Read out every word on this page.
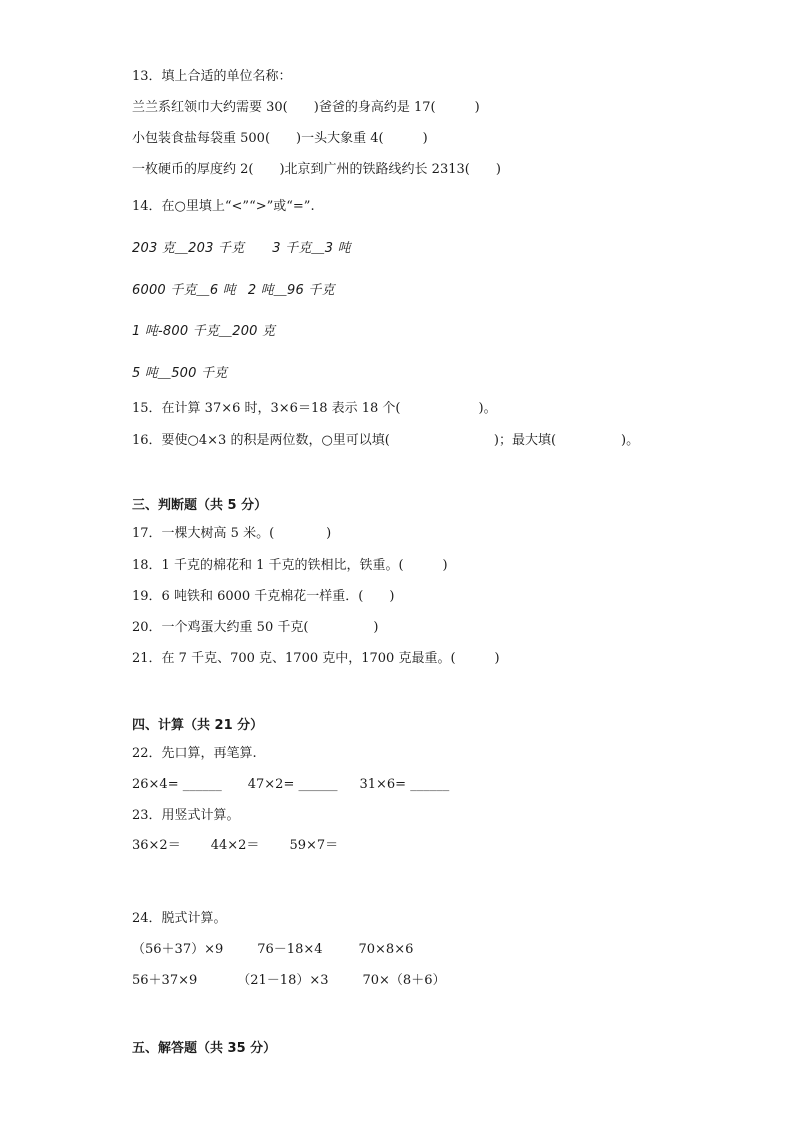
13．填上合适的单位名称：
兰兰系红领巾大约需要 30(　　)爸爸的身高约是 17(　　　)
小包装食盐每袋重 500(　　)一头大象重 4(　　　)
一枚硬币的厚度约 2(　　)北京到广州的铁路线约长 2313(　　)
14．在○里填上“<”“>”或“=”.
203 克＿203 千克 3 千克＿3 吨
6000 千克＿6 吨 2 吨＿96 千克
1 吨-800 千克＿200 克
5 吨＿500 千克
15．在计算 37×6 时，3×6＝18 表示 18 个(　　　　　　)。
16．要使○4×3 的积是两位数，○里可以填(　　　　　　　　)；最大填(　　　　　)。
三、判断题（共 5 分）
17．一棵大树高 5 米。(　　　　)
18．1 千克的棉花和 1 千克的铁相比，铁重。(　　　)
19．6 吨铁和 6000 千克棉花一样重．(　　)
20．一个鸡蛋大约重 50 千克(　　　　　)
21．在 7 千克、700 克、1700 克中，1700 克最重。(　　　)
四、计算（共 21 分）
22．先口算，再笔算.
26×4= ______ 47×2= ______ 31×6= ______
23．用竖式计算。
36×2＝ 44×2＝ 59×7＝
24．脱式计算。
（56＋37）×9	76－18×4	70×8×6
56＋37×9	（21－18）×3	70×（8＋6）
五、解答题（共 35 分）
